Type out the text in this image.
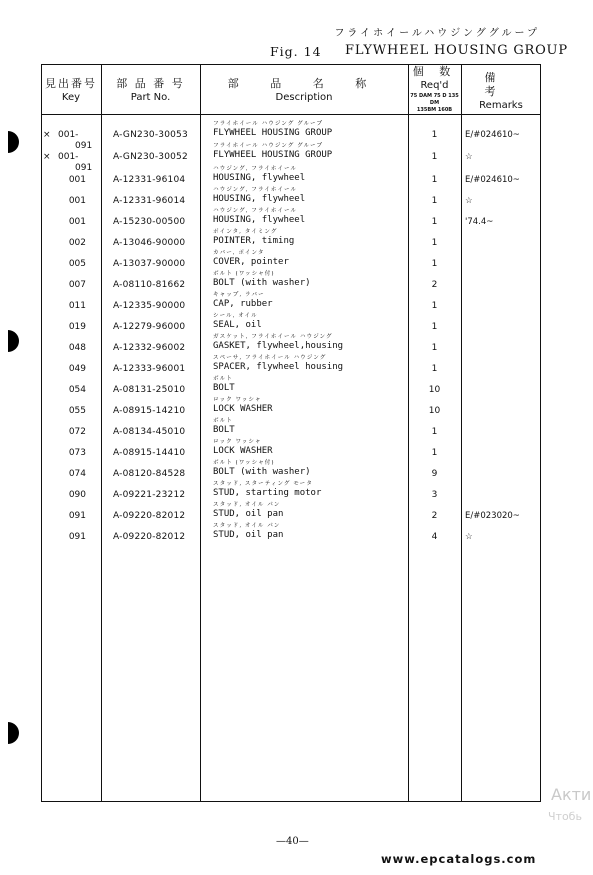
フライホイールハウジンググループ
Fig. 14 FLYWHEEL HOUSING GROUP
見出番号
Key
部 品 番 号
Part No.
部 品 名 称
Description
個 数
Req'd
75 DAM 75 D 135 DM
135BM 160B
備 考
Remarks
× 001-
091
A-GN230-30053
フライホイール ハウジング グループ
FLYWHEEL HOUSING GROUP	1	E/#024610~
× 001-
091
A-GN230-30052
フライホイール ハウジング グループ
FLYWHEEL HOUSING GROUP	1	☆
001	A-12331-96104
ハウジング, フライホイール
HOUSING, flywheel	1	E/#024610~
001	A-12331-96014
ハウジング, フライホイール
HOUSING, flywheel	1	☆
001	A-15230-00500
ハウジング, フライホイール
HOUSING, flywheel	1	'74.4~
002	A-13046-90000
ポインタ, タイミング
POINTER, timing	1
005	A-13037-90000
カバー, ポインタ
COVER, pointer	1
007	A-08110-81662
ボルト (ワッシャ付)
BOLT (with washer)	2
011	A-12335-90000
キャップ, ラバー
CAP, rubber	1
019	A-12279-96000
シール, オイル
SEAL, oil	1
048	A-12332-96002
ガスケット, フライホイール ハウジング
GASKET, flywheel,housing	1
049	A-12333-96001
スペーサ, フライホイール ハウジング
SPACER, flywheel housing	1
054	A-08131-25010
ボルト
BOLT	10
055	A-08915-14210
ロック ワッシャ
LOCK WASHER	10
072	A-08134-45010
ボルト
BOLT	1
073	A-08915-14410
ロック ワッシャ
LOCK WASHER	1
074	A-08120-84528
ボルト (ワッシャ付)
BOLT (with washer)	9
090	A-09221-23212
スタッド, スターティング モータ
STUD, starting motor	3
091	A-09220-82012
スタッド, オイル パン
STUD, oil pan	2	E/#023020~
091	A-09220-82012
スタッド, オイル パン
STUD, oil pan	4	☆
—40—
www.epcatalogs.com
Акти
Чтобь
